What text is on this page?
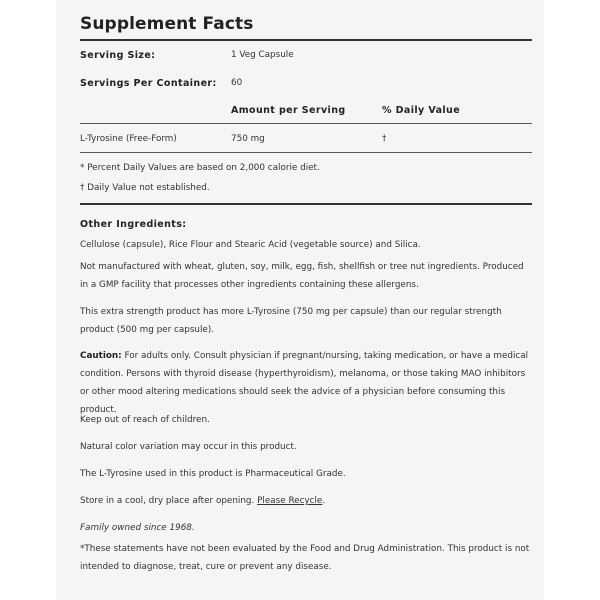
Supplement Facts
Serving Size:	1 Veg Capsule
Servings Per Container: 60
Amount per Serving	% Daily Value
L-Tyrosine (Free-Form)	750 mg	†
* Percent Daily Values are based on 2,000 calorie diet.
† Daily Value not established.
Other Ingredients:
Cellulose (capsule), Rice Flour and Stearic Acid (vegetable source) and Silica.
Not manufactured with wheat, gluten, soy, milk, egg, fish, shellfish or tree nut ingredients. Produced in a GMP facility that processes other ingredients containing these allergens.
This extra strength product has more L-Tyrosine (750 mg per capsule) than our regular strength product (500 mg per capsule).
Caution: For adults only. Consult physician if pregnant/nursing, taking medication, or have a medical condition. Persons with thyroid disease (hyperthyroidism), melanoma, or those taking MAO inhibitors or other mood altering medications should seek the advice of a physician before consuming this product.
Keep out of reach of children.
Natural color variation may occur in this product.
The L-Tyrosine used in this product is Pharmaceutical Grade.
Store in a cool, dry place after opening. Please Recycle.
Family owned since 1968.
*These statements have not been evaluated by the Food and Drug Administration. This product is not intended to diagnose, treat, cure or prevent any disease.
